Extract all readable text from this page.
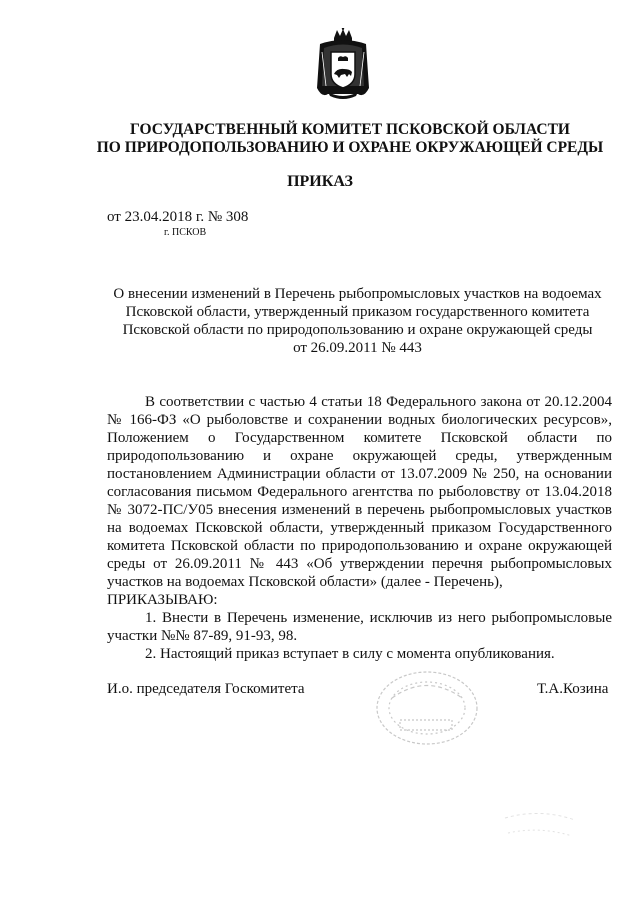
ГОСУДАРСТВЕННЫЙ КОМИТЕТ ПСКОВСКОЙ ОБЛАСТИ
ПО ПРИРОДОПОЛЬЗОВАНИЮ И ОХРАНЕ ОКРУЖАЮЩЕЙ СРЕДЫ
ПРИКАЗ
от 23.04.2018 г. № 308
г. ПСКОВ
О внесении изменений в Перечень рыбопромысловых участков на водоемах
Псковской области, утвержденный приказом государственного комитета
Псковской области по природопользованию и охране окружающей среды
от 26.09.2011 № 443

В соответствии с частью 4 статьи 18 Федерального закона от 20.12.2004 № 166-ФЗ «О рыболовстве и сохранении водных биологических ресурсов», Положением о Государственном комитете Псковской области по природопользованию и охране окружающей среды, утвержденным постановлением Администрации области от 13.07.2009 № 250, на основании согласования письмом Федерального агентства по рыболовству от 13.04.2018 № 3072-ПС/У05 внесения изменений в перечень рыбопромысловых участков на водоемах Псковской области, утвержденный приказом Государственного комитета Псковской области по природопользованию и охране окружающей среды от 26.09.2011 № 443 «Об утверждении перечня рыбопромысловых участков на водоемах Псковской области» (далее - Перечень),

ПРИКАЗЫВАЮ:

1. Внести в Перечень изменение, исключив из него рыбопромысловые участки №№ 87-89, 91-93, 98.

2. Настоящий приказ вступает в силу с момента опубликования.

И.о. председателя Госкомитета	Т.А.Козина
